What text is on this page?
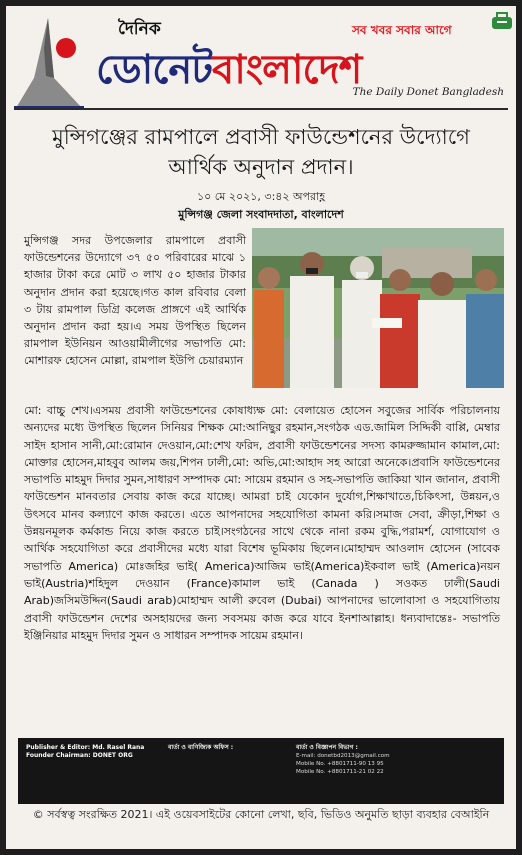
দৈনিক	সব খবর সবার আগে
ডোনেটবাংলাদেশ
The Daily Donet Bangladesh
মুন্সিগঞ্জের রামপালে প্রবাসী ফাউন্ডেশনের উদ্যোগে আর্থিক অনুদান প্রদান।
১০ মে ২০২১, ৩:৪২ অপরাহ্ণ
মুন্সিগঞ্জ জেলা সংবাদদাতা, বাংলাদেশ
মুন্সিগঞ্জ সদর উপজেলার রামপালে প্রবাসী ফাউন্ডেশনের উদ্যোগে ৩৭ ৫০ পরিবারের মাঝে ১ হাজার টাকা করে মোট ৩ লাখ ৫০ হাজার টাকার অনুদান প্রদান করা হয়েছে।গত কাল রবিবার বেলা ৩ টায় রামপাল ডিগ্রি কলেজ প্রাঙ্গণে এই আর্থিক অনুদান প্রদান করা হয়।এ সময় উপস্থিত ছিলেন রামপাল ইউনিয়ন আওয়ামীলীগের সভাপতি মো: মোশারফ হোসেন মোল্লা, রামপাল ইউপি চেয়ারম্যান
মো: বাচ্চু শেখ।এসময় প্রবাসী ফাউন্ডেশনের কোষাধ্যক্ষ মো: বেলায়েত হোসেন সবুজের সার্বিক পরিচালনায় অন্যদের মধ্যে উপস্থিত ছিলেন সিনিয়র শিক্ষক মো:আনিছুর রহমান,সংগঠক এড.জামিল সিদ্দিকী বাপ্পি, মেম্বার সাইদ হাসান সানী,মো:রোমান দেওয়ান,মো:শেখ ফরিদ, প্রবাসী ফাউন্ডেশনের সদস্য কামরুজ্জামান কামাল,মো: মোক্তার হোসেন,মাহবুব আলম জয়,শিপন ঢালী,মো: অভি,মো:আহাদ সহ আরো অনেকে।প্রবাসি ফাউন্ডেশনের সভাপতি মাহমুদ দিদার সুমন,সাধারণ সম্পাদক মো: সায়েম রহমান ও সহ-সভাপতি জাকিয়া খান জানান, প্রবাসী ফাউন্ডেশন মানবতার সেবায় কাজ করে যাচ্ছে। আমরা চাই যেকোন দুর্যোগ,শিক্ষাখাতে,চিকিৎসা, উন্নয়ন,ও উৎসবে মানব কল্যাণে কাজ করতে। এতে আপনাদের সহযোগিতা কামনা করি।সমাজ সেবা, ক্রীড়া,শিক্ষা ও উন্নয়নমূলক কর্মকান্ড নিয়ে কাজ করতে চাই।সংগঠনের সাথে থেকে নানা রকম বুদ্ধি,পরামর্শ, যোগাযোগ ও আর্থিক সহযোগিতা করে প্রবাসীদের মধ্যে যারা বিশেষ ভূমিকায় ছিলেন।মোহাম্মদ আওলাদ হোসেন (সাবেক সভাপতি America) মোঃজহির ভাই( America)আজিম ভাই(America)ইকবাল ভাই (America)নয়ন ভাই(Austria)শহিদুল দেওয়ান (France)কামাল ভাই (Canada ) সওকত ঢালী(Saudi Arab)জসিমউদ্দিন(Saudi arab)মোহাম্মদ আলী রুবেল (Dubai) আপনাদের ভালোবাসা ও সহযোগিতায় প্রবাসী ফাউন্ডেশন দেশের অসহায়দের জন্য সবসময় কাজ করে যাবে ইনশাআল্লাহ। ধন্যবাদান্তেঃ- সভাপতি ইঞ্জিনিয়ার মাহমুদ দিদার সুমন ও সাধারন সম্পাদক সায়েম রহমান।
Publisher & Editor: Md. Rasel Rana
Founder Chairman: DONET ORG
বার্তা ও বাণিজ্যিক অফিস :	বার্তা ও বিজ্ঞাপন বিভাগ :
E-mail: donetbd2013@gmail.com
Mobile No. +8801711-90 13 95
Mobile No. +8801711-21 02 22
© সর্বস্বত্ব সংরক্ষিত 2021। এই ওয়েবসাইটের কোনো লেখা, ছবি, ভিডিও অনুমতি ছাড়া ব্যবহার বেআইনি
